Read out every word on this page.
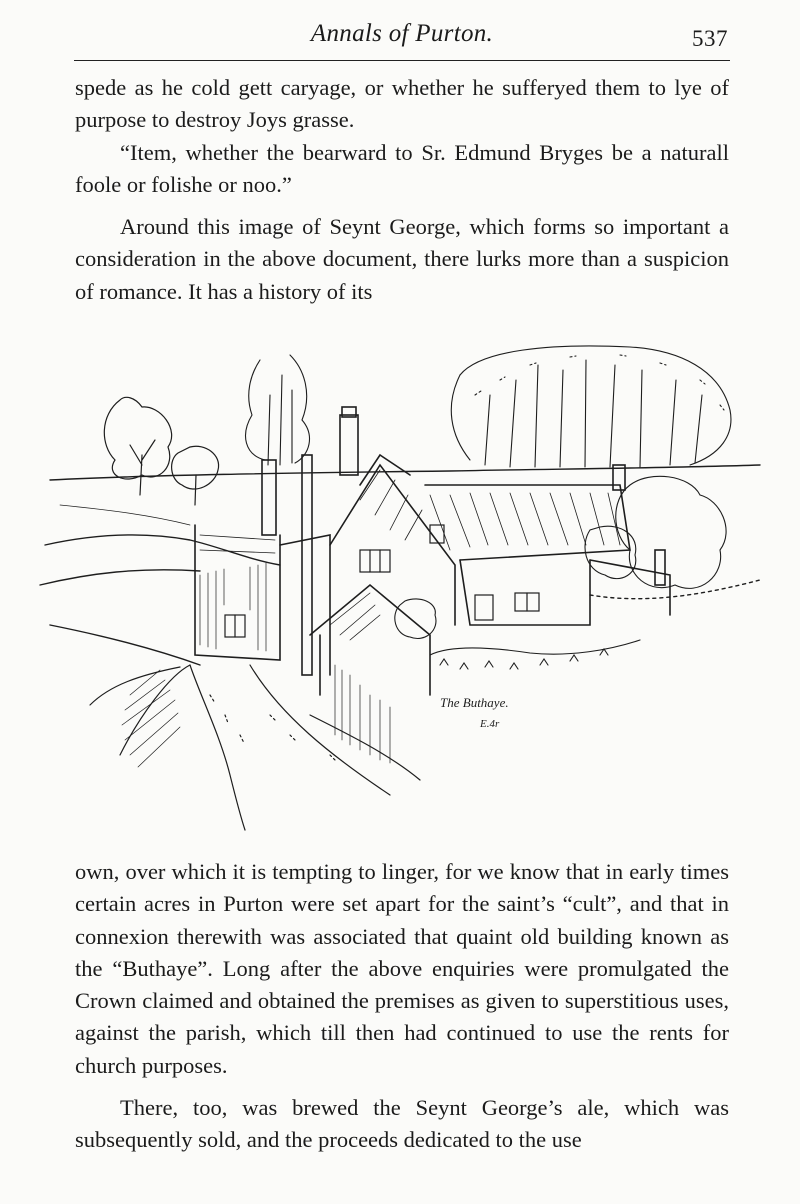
Annals of Purton.	537

spede as he cold gett caryage, or whether he sufferyed them to lye of purpose to destroy Joys grasse.

“Item, whether the bearward to Sr. Edmund Bryges be a naturall foole or folishe or noo.”

Around this image of Seynt George, which forms so important a consideration in the above document, there lurks more than a suspicion of romance. It has a history of its

The Buthaye.
E.4r

own, over which it is tempting to linger, for we know that in early times certain acres in Purton were set apart for the saint’s “cult”, and that in connexion therewith was associated that quaint old building known as the “Buthaye”. Long after the above enquiries were promulgated the Crown claimed and obtained the premises as given to superstitious uses, against the parish, which till then had continued to use the rents for church purposes.

There, too, was brewed the Seynt George’s ale, which was subsequently sold, and the proceeds dedicated to the use
